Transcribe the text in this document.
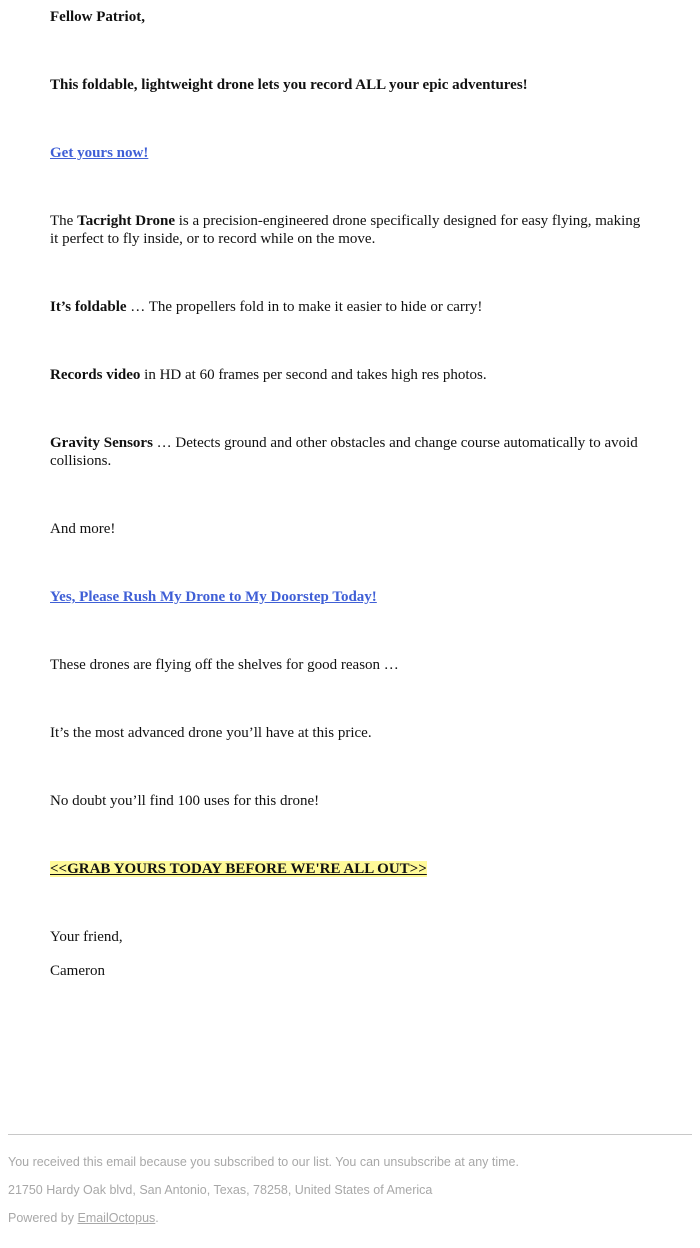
Fellow Patriot,

This foldable, lightweight drone lets you record ALL your epic adventures!

Get yours now!

The Tacright Drone is a precision-engineered drone specifically designed for easy flying, making it perfect to fly inside, or to record while on the move.

It’s foldable … The propellers fold in to make it easier to hide or carry!

Records video in HD at 60 frames per second and takes high res photos.

Gravity Sensors … Detects ground and other obstacles and change course automatically to avoid collisions.

And more!

Yes, Please Rush My Drone to My Doorstep Today!

These drones are flying off the shelves for good reason …

It’s the most advanced drone you’ll have at this price.

No doubt you’ll find 100 uses for this drone!

<<GRAB YOURS TODAY BEFORE WE'RE ALL OUT>>

Your friend,

Cameron

You received this email because you subscribed to our list. You can unsubscribe at any time.
21750 Hardy Oak blvd, San Antonio, Texas, 78258, United States of America
Powered by EmailOctopus.
